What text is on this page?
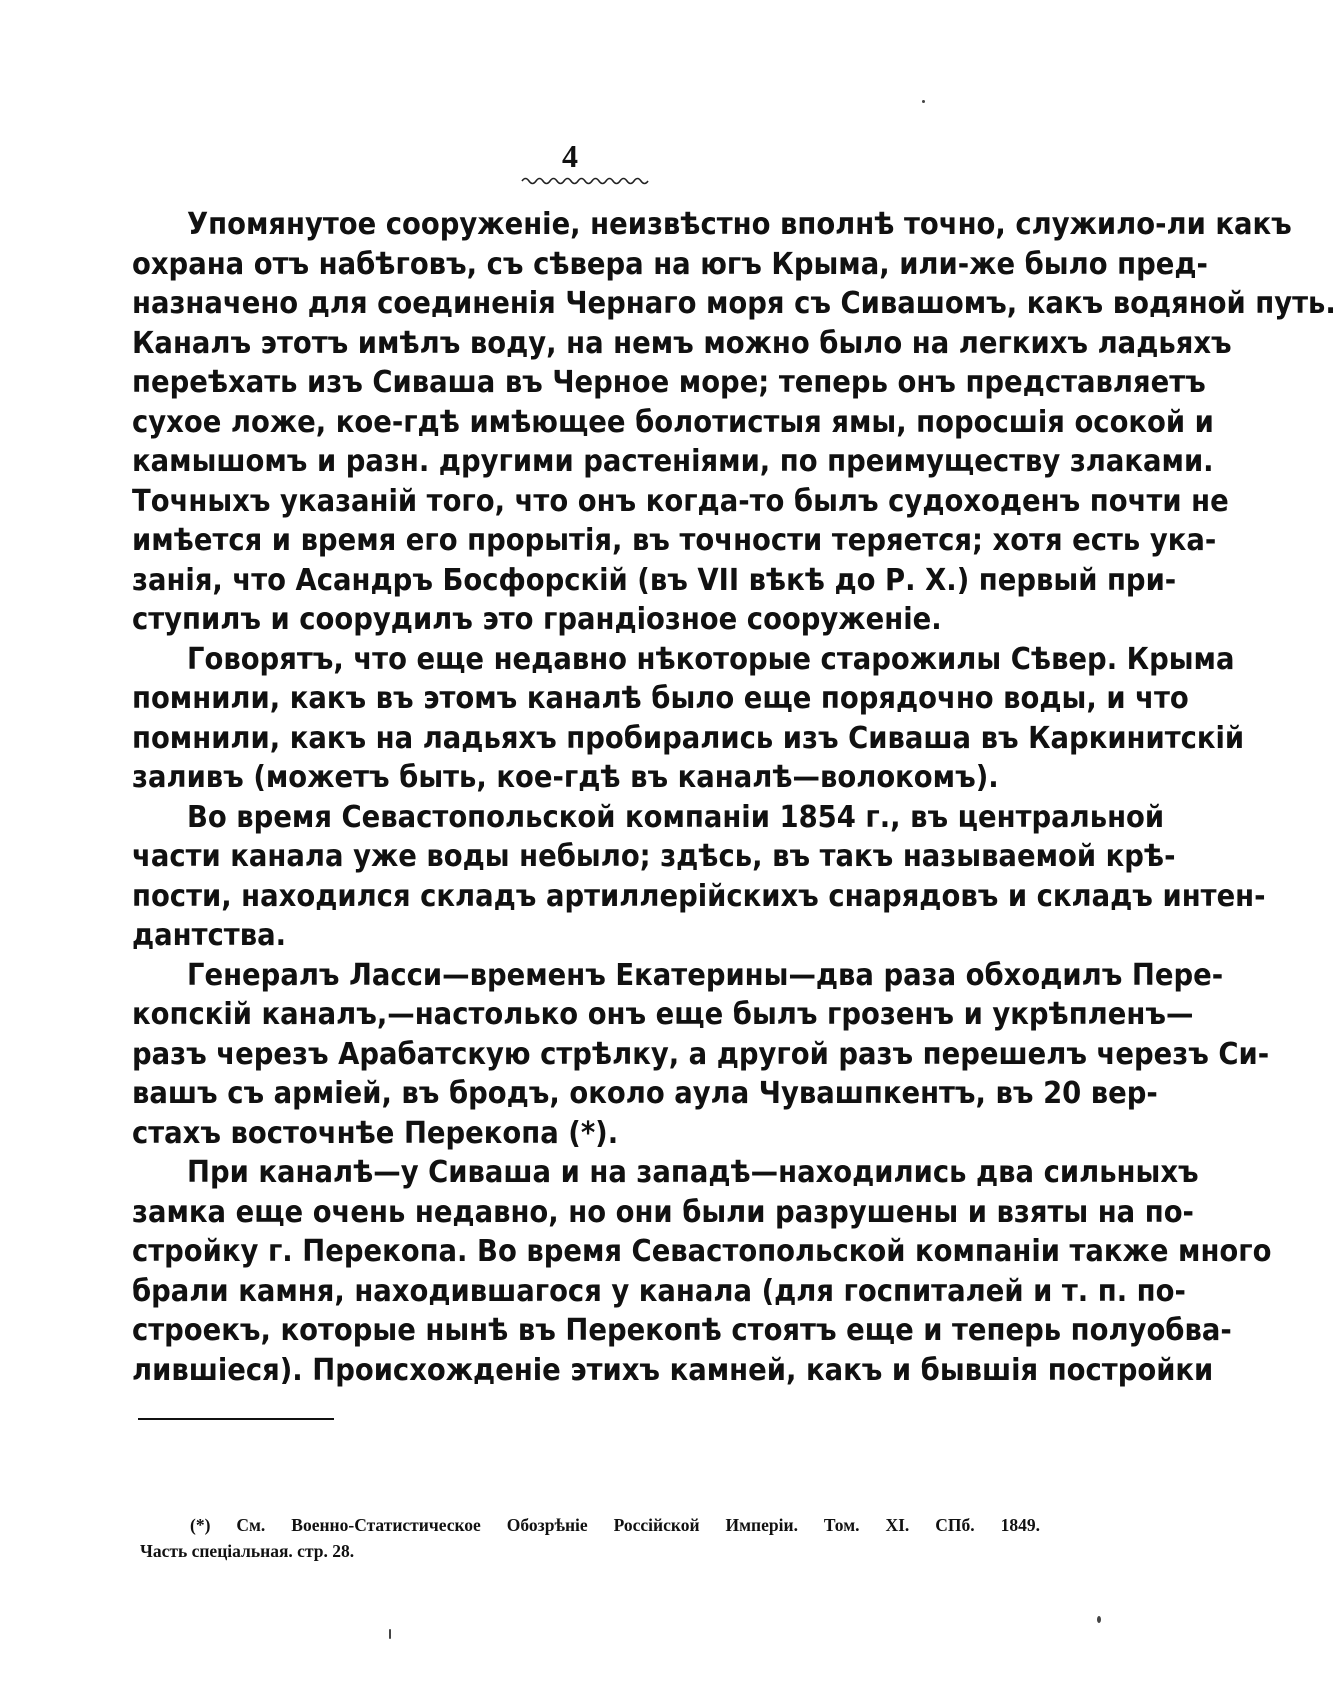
4
Упомянутое сооруженіе, неизвѣстно вполнѣ точно, служило-ли какъ
охрана отъ набѣговъ, съ сѣвера на югъ Крыма, или-же было пред-
назначено для соединенія Чернаго моря съ Сивашомъ, какъ водяной путь.
Каналъ этотъ имѣлъ воду, на немъ можно было на легкихъ ладьяхъ
переѣхать изъ Сиваша въ Черное море; теперь онъ представляетъ
сухое ложе, кое-гдѣ имѣющее болотистыя ямы, поросшія осокой и
камышомъ и разн. другими растеніями, по преимуществу злаками.
Точныхъ указаній того, что онъ когда-то былъ судоходенъ почти не
имѣется и время его прорытія, въ точности теряется; хотя есть ука-
занія, что Асандръ Босфорскій (въ VII вѣкѣ до Р. Х.) первый при-
ступилъ и соорудилъ это грандіозное сооруженіе.
Говорятъ, что еще недавно нѣкоторые старожилы Сѣвер. Крыма
помнили, какъ въ этомъ каналѣ было еще порядочно воды, и что
помнили, какъ на ладьяхъ пробирались изъ Сиваша въ Каркинитскій
заливъ (можетъ быть, кое-гдѣ въ каналѣ—волокомъ).
Во время Севастопольской компаніи 1854 г., въ центральной
части канала уже воды небыло; здѣсь, въ такъ называемой крѣ-
пости, находился складъ артиллерійскихъ снарядовъ и складъ интен-
дантства.
Генералъ Ласси—временъ Екатерины—два раза обходилъ Пере-
копскій каналъ,—настолько онъ еще былъ грозенъ и укрѣпленъ—
разъ черезъ Арабатскую стрѣлку, а другой разъ перешелъ черезъ Си-
вашъ съ арміей, въ бродъ, около аула Чувашпкентъ, въ 20 вер-
стахъ восточнѣе Перекопа (*).
При каналѣ—у Сиваша и на западѣ—находились два сильныхъ
замка еще очень недавно, но они были разрушены и взяты на по-
стройку г. Перекопа. Во время Севастопольской компаніи также много
брали камня, находившагося у канала (для госпиталей и т. п. по-
строекъ, которые нынѣ въ Перекопѣ стоятъ еще и теперь полуобва-
лившіеся). Происхожденіе этихъ камней, какъ и бывшія постройки
(*) См. Военно-Статистическое Обозрѣніе Россійской Имперіи. Том. XI. СПб. 1849.
Часть спеціальная. стр. 28.
